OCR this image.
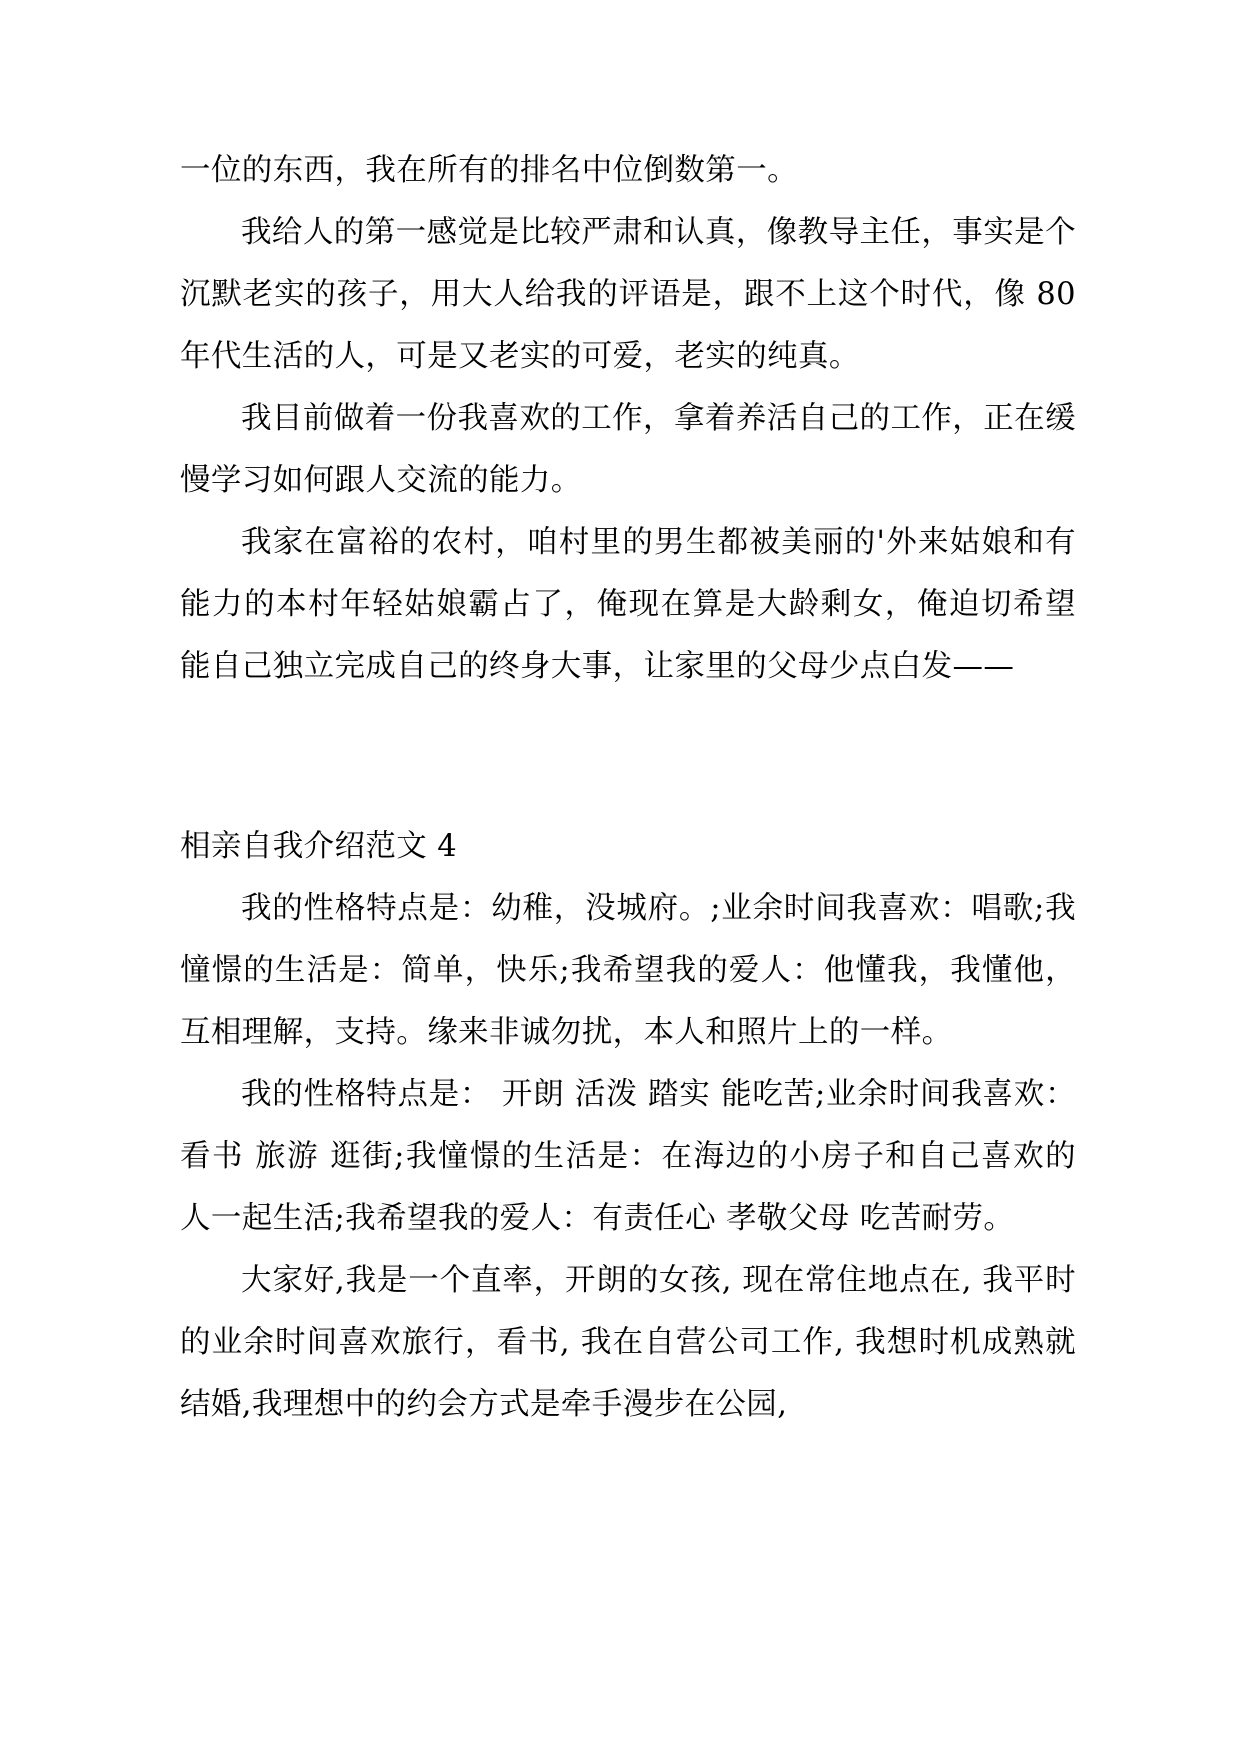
一位的东西，我在所有的排名中位倒数第一。

我给人的第一感觉是比较严肃和认真，像教导主任，事实是个沉默老实的孩子，用大人给我的评语是，跟不上这个时代，像 80 年代生活的人，可是又老实的可爱，老实的纯真。

我目前做着一份我喜欢的工作，拿着养活自己的工作，正在缓慢学习如何跟人交流的能力。

我家在富裕的农村，咱村里的男生都被美丽的'外来姑娘和有能力的本村年轻姑娘霸占了，俺现在算是大龄剩女，俺迫切希望能自己独立完成自己的终身大事，让家里的父母少点白发——

相亲自我介绍范文 4

我的性格特点是：幼稚，没城府。;业余时间我喜欢：唱歌;我憧憬的生活是：简单，快乐;我希望我的爱人：他懂我，我懂他，互相理解，支持。缘来非诚勿扰，本人和照片上的一样。

我的性格特点是： 开朗 活泼 踏实 能吃苦;业余时间我喜欢： 看书 旅游 逛街;我憧憬的生活是：在海边的小房子和自己喜欢的人一起生活;我希望我的爱人：有责任心 孝敬父母 吃苦耐劳。

大家好,我是一个直率，开朗的女孩, 现在常住地点在, 我平时的业余时间喜欢旅行，看书, 我在自营公司工作, 我想时机成熟就结婚,我理想中的约会方式是牵手漫步在公园,
